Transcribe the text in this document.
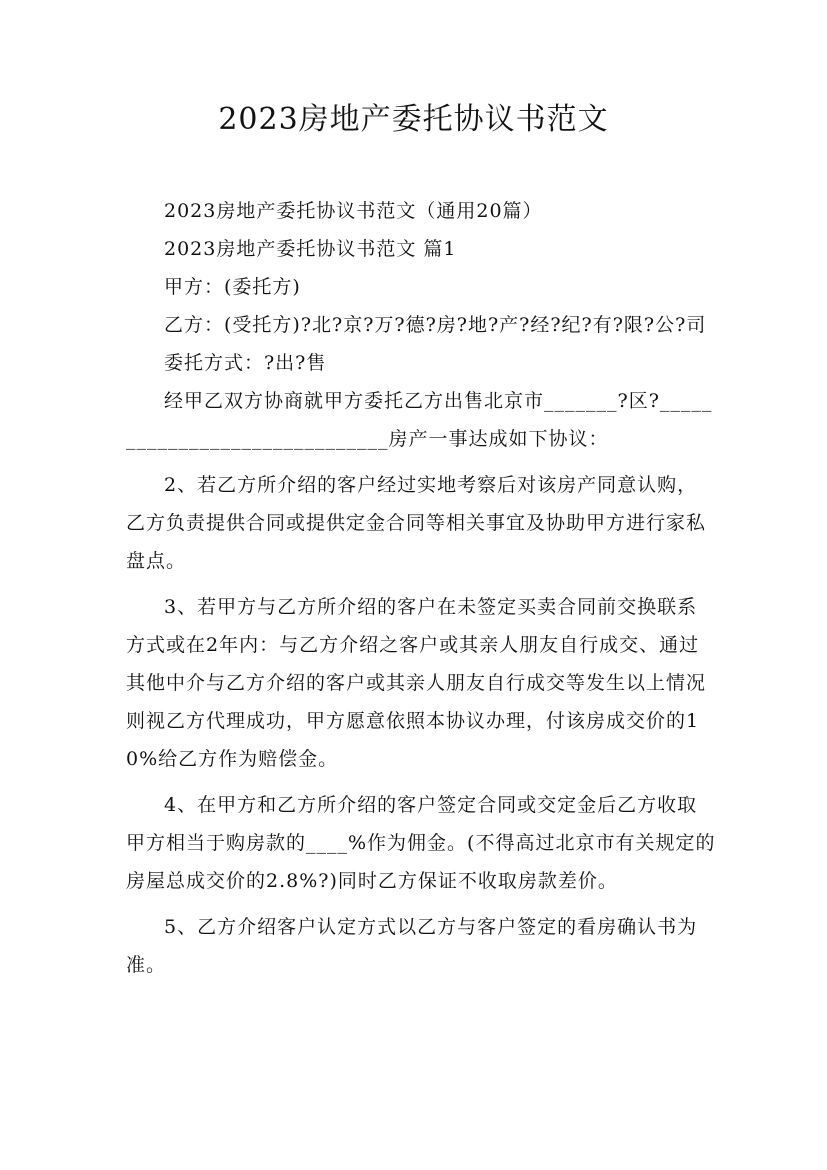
2023房地产委托协议书范文

2023房地产委托协议书范文（通用20篇）

2023房地产委托协议书范文 篇1

甲方：(委托方)

乙方：(受托方)?北?京?万?德?房?地?产?经?纪?有?限?公?司

委托方式：?出?售

经甲乙双方协商就甲方委托乙方出售北京市_______?区?______________________________房产一事达成如下协议：

2、若乙方所介绍的客户经过实地考察后对该房产同意认购，乙方负责提供合同或提供定金合同等相关事宜及协助甲方进行家私盘点。

3、若甲方与乙方所介绍的客户在未签定买卖合同前交换联系方式或在2年内：与乙方介绍之客户或其亲人朋友自行成交、通过其他中介与乙方介绍的客户或其亲人朋友自行成交等发生以上情况则视乙方代理成功，甲方愿意依照本协议办理，付该房成交价的10%给乙方作为赔偿金。

4、在甲方和乙方所介绍的客户签定合同或交定金后乙方收取甲方相当于购房款的____%作为佣金。(不得高过北京市有关规定的房屋总成交价的2.8%?)同时乙方保证不收取房款差价。

5、乙方介绍客户认定方式以乙方与客户签定的看房确认书为准。
